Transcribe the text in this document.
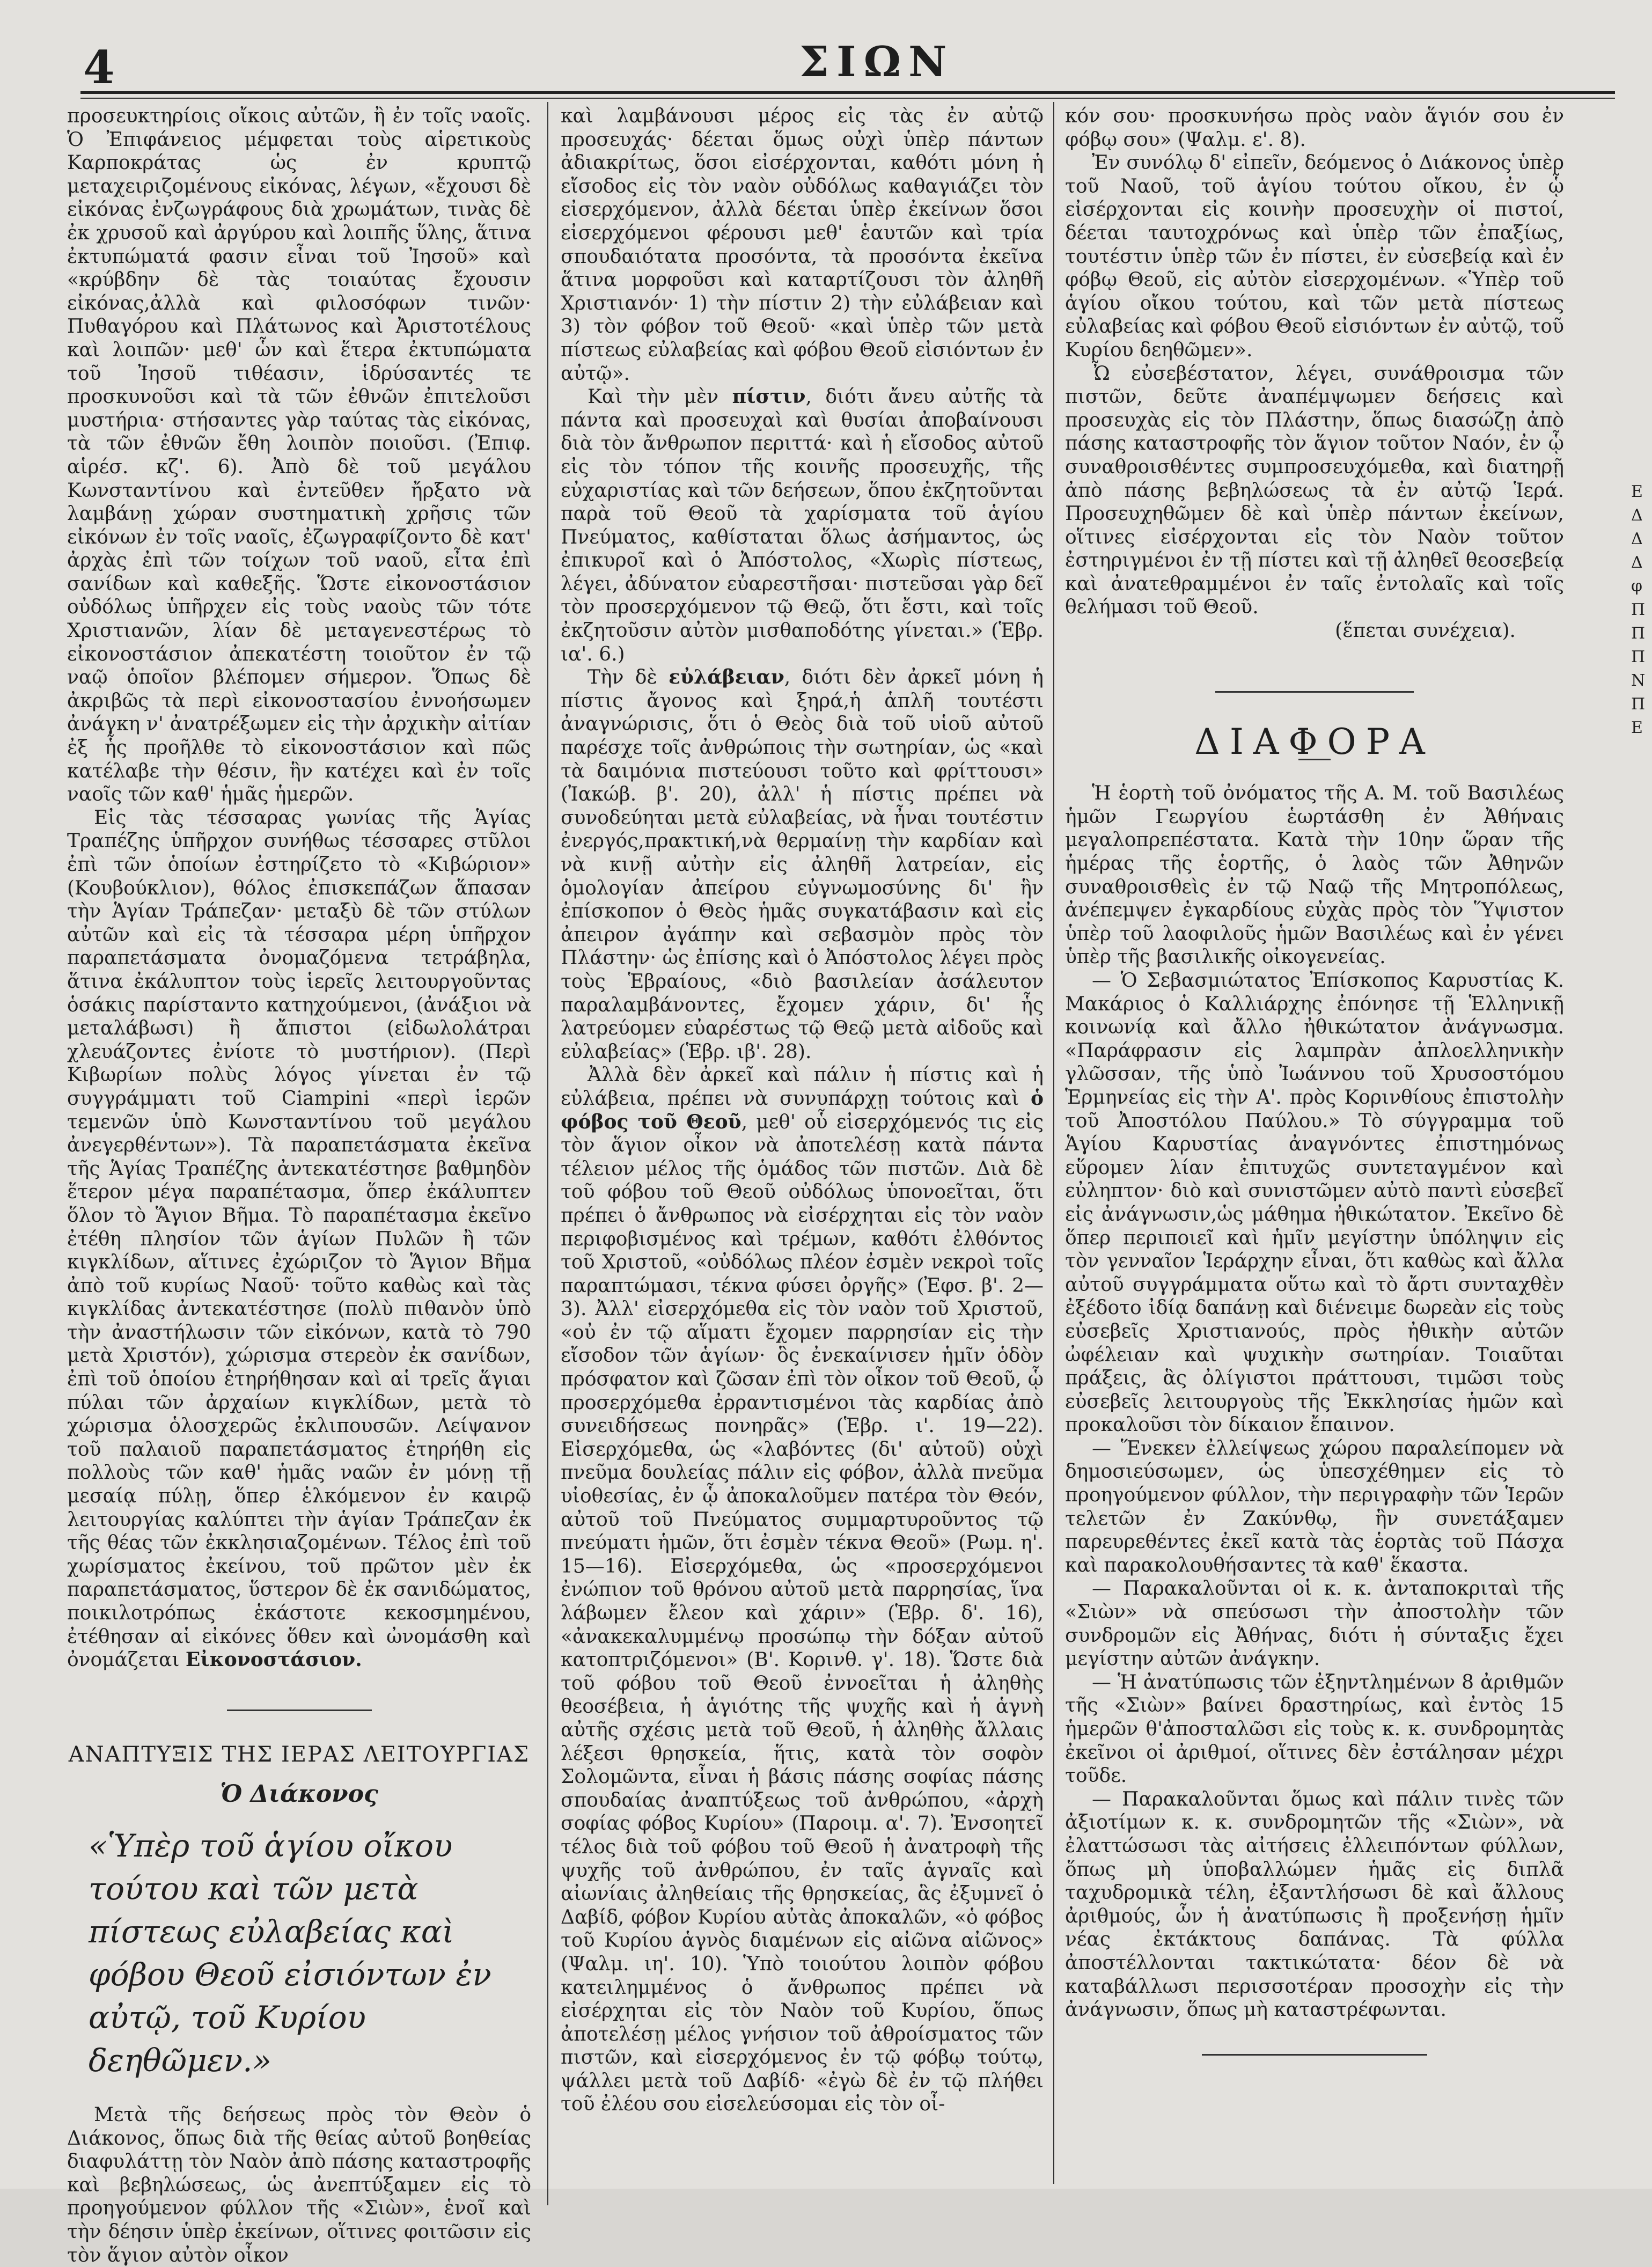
4	ΣΙΩΝ

προσευκτηρίοις οἴκοις αὐτῶν, ἢ ἐν τοῖς ναοῖς. Ὁ Ἐπιφάνειος μέμφεται τοὺς αἱρετικοὺς Καρποκράτας ὡς ἐν κρυπτῷ μεταχειριζομένους εἰκόνας, λέγων, «ἔχουσι δὲ εἰκόνας ἐνζωγράφους διὰ χρωμάτων, τινὰς δὲ ἐκ χρυσοῦ καὶ ἀργύρου καὶ λοιπῆς ὕλης, ἅτινα ἐκτυπώματά φασιν εἶναι τοῦ Ἰησοῦ» καὶ «κρύβδην δὲ τὰς τοιαύτας ἔχουσιν εἰκόνας,ἀλλὰ καὶ φιλοσόφων τινῶν· Πυθαγόρου καὶ Πλάτωνος καὶ Ἀριστοτέλους καὶ λοιπῶν· μεθ' ὧν καὶ ἕτερα ἐκτυπώματα τοῦ Ἰησοῦ τιθέασιν, ἱδρύσαντές τε προσκυνοῦσι καὶ τὰ τῶν ἐθνῶν ἐπιτελοῦσι μυστήρια· στήσαντες γὰρ ταύτας τὰς εἰκόνας, τὰ τῶν ἐθνῶν ἔθη λοιπὸν ποιοῦσι. (Ἐπιφ. αἱρέσ. κζ'. 6). Ἀπὸ δὲ τοῦ μεγάλου Κωνσταντίνου καὶ ἐντεῦθεν ἤρξατο νὰ λαμβάνῃ χώραν συστηματικὴ χρῆσις τῶν εἰκόνων ἐν τοῖς ναοῖς, ἐζωγραφίζοντο δὲ κατ' ἀρχὰς ἐπὶ τῶν τοίχων τοῦ ναοῦ, εἶτα ἐπὶ σανίδων καὶ καθεξῆς. Ὥστε εἰκονοστάσιον οὐδόλως ὑπῆρχεν εἰς τοὺς ναοὺς τῶν τότε Χριστιανῶν, λίαν δὲ μεταγενεστέρως τὸ εἰκονοστάσιον ἀπεκατέστη τοιοῦτον ἐν τῷ ναῷ ὁποῖον βλέπομεν σήμερον. Ὅπως δὲ ἀκριβῶς τὰ περὶ εἰκονοστασίου ἐννοήσωμεν ἀνάγκη ν' ἀνατρέξωμεν εἰς τὴν ἀρχικὴν αἰτίαν ἐξ ἧς προῆλθε τὸ εἰκονοστάσιον καὶ πῶς κατέλαβε τὴν θέσιν, ἣν κατέχει καὶ ἐν τοῖς ναοῖς τῶν καθ' ἡμᾶς ἡμερῶν.

Εἰς τὰς τέσσαρας γωνίας τῆς Ἁγίας Τραπέζης ὑπῆρχον συνήθως τέσσαρες στῦλοι ἐπὶ τῶν ὁποίων ἐστηρίζετο τὸ «Κιβώριον» (Κουβούκλιον), θόλος ἐπισκεπάζων ἅπασαν τὴν Ἁγίαν Τράπεζαν· μεταξὺ δὲ τῶν στύλων αὐτῶν καὶ εἰς τὰ τέσσαρα μέρη ὑπῆρχον παραπετάσματα ὀνομαζόμενα τετράβηλα, ἅτινα ἐκάλυπτον τοὺς ἱερεῖς λειτουργοῦντας ὁσάκις παρίσταντο κατηχούμενοι, (ἀνάξιοι νὰ μεταλάβωσι) ἢ ἄπιστοι (εἰδωλολάτραι χλευάζοντες ἐνίοτε τὸ μυστήριον). (Περὶ Κιβωρίων πολὺς λόγος γίνεται ἐν τῷ συγγράμματι τοῦ Ciampini «περὶ ἱερῶν τεμενῶν ὑπὸ Κωνσταντίνου τοῦ μεγάλου ἀνεγερθέντων»). Τὰ παραπετάσματα ἐκεῖνα τῆς Ἁγίας Τραπέζης ἀντεκατέστησε βαθμηδὸν ἕτερον μέγα παραπέτασμα, ὅπερ ἐκάλυπτεν ὅλον τὸ Ἅγιον Βῆμα. Τὸ παραπέτασμα ἐκεῖνο ἐτέθη πλησίον τῶν ἁγίων Πυλῶν ἢ τῶν κιγκλίδων, αἵτινες ἐχώριζον τὸ Ἅγιον Βῆμα ἀπὸ τοῦ κυρίως Ναοῦ· τοῦτο καθὼς καὶ τὰς κιγκλίδας ἀντεκατέστησε (πολὺ πιθανὸν ὑπὸ τὴν ἀναστήλωσιν τῶν εἰκόνων, κατὰ τὸ 790 μετὰ Χριστόν), χώρισμα στερεὸν ἐκ σανίδων, ἐπὶ τοῦ ὁποίου ἐτηρήθησαν καὶ αἱ τρεῖς ἅγιαι πύλαι τῶν ἀρχαίων κιγκλίδων, μετὰ τὸ χώρισμα ὁλοσχερῶς ἐκλιπουσῶν. Λείψανον τοῦ παλαιοῦ παραπετάσματος ἐτηρήθη εἰς πολλοὺς τῶν καθ' ἡμᾶς ναῶν ἐν μόνῃ τῇ μεσαίᾳ πύλῃ, ὅπερ ἑλκόμενον ἐν καιρῷ λειτουργίας καλύπτει τὴν ἁγίαν Τράπεζαν ἐκ τῆς θέας τῶν ἐκκλησιαζομένων. Τέλος ἐπὶ τοῦ χωρίσματος ἐκείνου, τοῦ πρῶτον μὲν ἐκ παραπετάσματος, ὕστερον δὲ ἐκ σανιδώματος, ποικιλοτρόπως ἑκάστοτε κεκοσμημένου, ἐτέθησαν αἱ εἰκόνες ὅθεν καὶ ὠνομάσθη καὶ ὀνομάζεται Εἰκονοστάσιον.

ΑΝΑΠΤΥΞΙΣ ΤΗΣ ΙΕΡΑΣ ΛΕΙΤΟΥΡΓΙΑΣ
Ὁ Διάκονος
«Ὑπὲρ τοῦ ἁγίου οἴκου τούτου καὶ τῶν μετὰ πίστεως εὐλαβείας καὶ φόβου Θεοῦ εἰσιόντων ἐν αὐτῷ, τοῦ Κυρίου δεηθῶμεν.»

Μετὰ τῆς δεήσεως πρὸς τὸν Θεὸν ὁ Διάκονος, ὅπως διὰ τῆς θείας αὐτοῦ βοηθείας διαφυλάττῃ τὸν Ναὸν ἀπὸ πάσης καταστροφῆς καὶ βεβηλώσεως, ὡς ἀνεπτύξαμεν εἰς τὸ προηγούμενον φύλλον τῆς «Σιὼν», ἑνοῖ καὶ τὴν δέησιν ὑπὲρ ἐκείνων, οἵτινες φοιτῶσιν εἰς τὸν ἅγιον αὐτὸν οἶκον

καὶ λαμβάνουσι μέρος εἰς τὰς ἐν αὐτῷ προσευχάς· δέεται ὅμως οὐχὶ ὑπὲρ πάντων ἀδιακρίτως, ὅσοι εἰσέρχονται, καθότι μόνη ἡ εἴσοδος εἰς τὸν ναὸν οὐδόλως καθαγιάζει τὸν εἰσερχόμενον, ἀλλὰ δέεται ὑπὲρ ἐκείνων ὅσοι εἰσερχόμενοι φέρουσι μεθ' ἑαυτῶν καὶ τρία σπουδαιότατα προσόντα, τὰ προσόντα ἐκεῖνα ἅτινα μορφοῦσι καὶ καταρτίζουσι τὸν ἀληθῆ Χριστιανόν· 1) τὴν πίστιν 2) τὴν εὐλάβειαν καὶ 3) τὸν φόβον τοῦ Θεοῦ· «καὶ ὑπὲρ τῶν μετὰ πίστεως εὐλαβείας καὶ φόβου Θεοῦ εἰσιόντων ἐν αὐτῷ».

Καὶ τὴν μὲν πίστιν, διότι ἄνευ αὐτῆς τὰ πάντα καὶ προσευχαὶ καὶ θυσίαι ἀποβαίνουσι διὰ τὸν ἄνθρωπον περιττά· καὶ ἡ εἴσοδος αὐτοῦ εἰς τὸν τόπον τῆς κοινῆς προσευχῆς, τῆς εὐχαριστίας καὶ τῶν δεήσεων, ὅπου ἐκζητοῦνται παρὰ τοῦ Θεοῦ τὰ χαρίσματα τοῦ ἁγίου Πνεύματος, καθίσταται ὅλως ἀσήμαντος, ὡς ἐπικυροῖ καὶ ὁ Ἀπόστολος, «Χωρὶς πίστεως, λέγει, ἀδύνατον εὐαρεστῆσαι· πιστεῦσαι γὰρ δεῖ τὸν προσερχόμενον τῷ Θεῷ, ὅτι ἔστι, καὶ τοῖς ἐκζητοῦσιν αὐτὸν μισθαποδότης γίνεται.» (Ἑβρ. ια'. 6.)

Τὴν δὲ εὐλάβειαν, διότι δὲν ἀρκεῖ μόνη ἡ πίστις ἄγονος καὶ ξηρά,ἡ ἁπλῆ τουτέστι ἀναγνώρισις, ὅτι ὁ Θεὸς διὰ τοῦ υἱοῦ αὐτοῦ παρέσχε τοῖς ἀνθρώποις τὴν σωτηρίαν, ὡς «καὶ τὰ δαιμόνια πιστεύουσι τοῦτο καὶ φρίττουσι» (Ἰακώβ. β'. 20), ἀλλ' ἡ πίστις πρέπει νὰ συνοδεύηται μετὰ εὐλαβείας, νὰ ἦναι τουτέστιν ἐνεργός,πρακτική,νὰ θερμαίνῃ τὴν καρδίαν καὶ νὰ κινῇ αὐτὴν εἰς ἀληθῆ λατρείαν, εἰς ὁμολογίαν ἀπείρου εὐγνωμοσύνης δι' ἣν ἐπίσκοπον ὁ Θεὸς ἡμᾶς συγκατάβασιν καὶ εἰς ἀπειρον ἀγάπην καὶ σεβασμὸν πρὸς τὸν Πλάστην· ὡς ἐπίσης καὶ ὁ Ἀπόστολος λέγει πρὸς τοὺς Ἑβραίους, «διὸ βασιλείαν ἀσάλευτον παραλαμβάνοντες, ἔχομεν χάριν, δι' ἧς λατρεύομεν εὐαρέστως τῷ Θεῷ μετὰ αἰδοῦς καὶ εὐλαβείας» (Ἑβρ. ιβ'. 28).

Ἀλλὰ δὲν ἀρκεῖ καὶ πάλιν ἡ πίστις καὶ ἡ εὐλάβεια, πρέπει νὰ συνυπάρχῃ τούτοις καὶ ὁ φόβος τοῦ Θεοῦ, μεθ' οὗ εἰσερχόμενός τις εἰς τὸν ἅγιον οἶκον νὰ ἀποτελέσῃ κατὰ πάντα τέλειον μέλος τῆς ὁμάδος τῶν πιστῶν. Διὰ δὲ τοῦ φόβου τοῦ Θεοῦ οὐδόλως ὑπονοεῖται, ὅτι πρέπει ὁ ἄνθρωπος νὰ εἰσέρχηται εἰς τὸν ναὸν περιφοβισμένος καὶ τρέμων, καθότι ἐλθόντος τοῦ Χριστοῦ, «οὐδόλως πλέον ἐσμὲν νεκροὶ τοῖς παραπτώμασι, τέκνα φύσει ὀργῆς» (Ἐφσ. β'. 2—3). Ἀλλ' εἰσερχόμεθα εἰς τὸν ναὸν τοῦ Χριστοῦ, «οὐ ἐν τῷ αἵματι ἔχομεν παρρησίαν εἰς τὴν εἴσοδον τῶν ἁγίων· ὃς ἐνεκαίνισεν ἡμῖν ὁδὸν πρόσφατον καὶ ζῶσαν ἐπὶ τὸν οἶκον τοῦ Θεοῦ, ᾧ προσερχόμεθα ἐρραντισμένοι τὰς καρδίας ἀπὸ συνειδήσεως πονηρᾶς» (Ἑβρ. ι'. 19—22). Εἰσερχόμεθα, ὡς «λαβόντες (δι' αὐτοῦ) οὐχὶ πνεῦμα δουλείας πάλιν εἰς φόβον, ἀλλὰ πνεῦμα υἱοθεσίας, ἐν ᾧ ἀποκαλοῦμεν πατέρα τὸν Θεόν, αὐτοῦ τοῦ Πνεύματος συμμαρτυροῦντος τῷ πνεύματι ἡμῶν, ὅτι ἐσμὲν τέκνα Θεοῦ» (Ρωμ. η'. 15—16). Εἰσερχόμεθα, ὡς «προσερχόμενοι ἐνώπιον τοῦ θρόνου αὐτοῦ μετὰ παρρησίας, ἵνα λάβωμεν ἔλεον καὶ χάριν» (Ἑβρ. δ'. 16), «ἀνακεκαλυμμένῳ προσώπῳ τὴν δόξαν αὐτοῦ κατοπτριζόμενοι» (Β'. Κορινθ. γ'. 18). Ὥστε διὰ τοῦ φόβου τοῦ Θεοῦ ἐννοεῖται ἡ ἀληθὴς θεοσέβεια, ἡ ἁγιότης τῆς ψυχῆς καὶ ἡ ἁγνὴ αὐτῆς σχέσις μετὰ τοῦ Θεοῦ, ἡ ἀληθὴς ἄλλαις λέξεσι θρησκεία, ἥτις, κατὰ τὸν σοφὸν Σολομῶντα, εἶναι ἡ βάσις πάσης σοφίας πάσης σπουδαίας ἀναπτύξεως τοῦ ἀνθρώπου, «ἀρχὴ σοφίας φόβος Κυρίου» (Παροιμ. α'. 7). Ἐνσοητεῖ τέλος διὰ τοῦ φόβου τοῦ Θεοῦ ἡ ἀνατροφὴ τῆς ψυχῆς τοῦ ἀνθρώπου, ἐν ταῖς ἁγναῖς καὶ αἰωνίαις ἀληθείαις τῆς θρησκείας, ἃς ἐξυμνεῖ ὁ Δαβίδ, φόβον Κυρίου αὐτὰς ἀποκαλῶν, «ὁ φόβος τοῦ Κυρίου ἁγνὸς διαμένων εἰς αἰῶνα αἰῶνος» (Ψαλμ. ιη'. 10). Ὑπὸ τοιούτου λοιπὸν φόβου κατειλημμένος ὁ ἄνθρωπος πρέπει νὰ εἰσέρχηται εἰς τὸν Ναὸν τοῦ Κυρίου, ὅπως ἀποτελέσῃ μέλος γνήσιον τοῦ ἀθροίσματος τῶν πιστῶν, καὶ εἰσερχόμενος ἐν τῷ φόβῳ τούτῳ, ψάλλει μετὰ τοῦ Δαβίδ· «ἐγὼ δὲ ἐν τῷ πλήθει τοῦ ἐλέου σου εἰσελεύσομαι εἰς τὸν οἶ-

κόν σου· προσκυνήσω πρὸς ναὸν ἅγιόν σου ἐν φόβῳ σου» (Ψαλμ. ε'. 8).

Ἐν συνόλῳ δ' εἰπεῖν, δεόμενος ὁ Διάκονος ὑπὲρ τοῦ Ναοῦ, τοῦ ἁγίου τούτου οἴκου, ἐν ᾧ εἰσέρχονται εἰς κοινὴν προσευχὴν οἱ πιστοί, δέεται ταυτοχρόνως καὶ ὑπὲρ τῶν ἐπαξίως, τουτέστιν ὑπὲρ τῶν ἐν πίστει, ἐν εὐσεβείᾳ καὶ ἐν φόβῳ Θεοῦ, εἰς αὐτὸν εἰσερχομένων. «Ὑπὲρ τοῦ ἁγίου οἴκου τούτου, καὶ τῶν μετὰ πίστεως εὐλαβείας καὶ φόβου Θεοῦ εἰσιόντων ἐν αὐτῷ, τοῦ Κυρίου δεηθῶμεν».

Ὦ εὐσεβέστατον, λέγει, συνάθροισμα τῶν πιστῶν, δεῦτε ἀναπέμψωμεν δεήσεις καὶ προσευχὰς εἰς τὸν Πλάστην, ὅπως διασώζῃ ἀπὸ πάσης καταστροφῆς τὸν ἅγιον τοῦτον Ναόν, ἐν ᾧ συναθροισθέντες συμπροσευχόμεθα, καὶ διατηρῇ ἀπὸ πάσης βεβηλώσεως τὰ ἐν αὐτῷ Ἱερά. Προσευχηθῶμεν δὲ καὶ ὑπὲρ πάντων ἐκείνων, οἵτινες εἰσέρχονται εἰς τὸν Ναὸν τοῦτον ἐστηριγμένοι ἐν τῇ πίστει καὶ τῇ ἀληθεῖ θεοσεβείᾳ καὶ ἀνατεθραμμένοι ἐν ταῖς ἐντολαῖς καὶ τοῖς θελήμασι τοῦ Θεοῦ.

(ἕπεται συνέχεια).

ΔΙΑΦΟΡΑ

Ἡ ἑορτὴ τοῦ ὀνόματος τῆς Α. Μ. τοῦ Βασιλέως ἡμῶν Γεωργίου ἑωρτάσθη ἐν Ἀθήναις μεγαλοπρεπέστατα. Κατὰ τὴν 10ην ὥραν τῆς ἡμέρας τῆς ἑορτῆς, ὁ λαὸς τῶν Ἀθηνῶν συναθροισθεὶς ἐν τῷ Ναῷ τῆς Μητροπόλεως, ἀνέπεμψεν ἐγκαρδίους εὐχὰς πρὸς τὸν Ὕψιστον ὑπὲρ τοῦ λαοφιλοῦς ἡμῶν Βασιλέως καὶ ἐν γένει ὑπὲρ τῆς βασιλικῆς οἰκογενείας.

— Ὁ Σεβασμιώτατος Ἐπίσκοπος Καρυστίας Κ. Μακάριος ὁ Καλλιάρχης ἐπόνησε τῇ Ἑλληνικῇ κοινωνίᾳ καὶ ἄλλο ἠθικώτατον ἀνάγνωσμα. «Παράφρασιν εἰς λαμπρὰν ἀπλοελληνικὴν γλῶσσαν, τῆς ὑπὸ Ἰωάννου τοῦ Χρυσοστόμου Ἑρμηνείας εἰς τὴν Α'. πρὸς Κορινθίους ἐπιστολὴν τοῦ Ἀποστόλου Παύλου.» Τὸ σύγγραμμα τοῦ Ἁγίου Καρυστίας ἀναγνόντες ἐπιστημόνως εὕρομεν λίαν ἐπιτυχῶς συντεταγμένον καὶ εὐληπτον· διὸ καὶ συνιστῶμεν αὐτὸ παντὶ εὐσεβεῖ εἰς ἀνάγνωσιν,ὡς μάθημα ἠθικώτατον. Ἐκεῖνο δὲ ὅπερ περιποιεῖ καὶ ἡμῖν μεγίστην ὑπόληψιν εἰς τὸν γενναῖον Ἱεράρχην εἶναι, ὅτι καθὼς καὶ ἄλλα αὐτοῦ συγγράμματα οὕτω καὶ τὸ ἄρτι συνταχθὲν ἐξέδοτο ἰδίᾳ δαπάνῃ καὶ διένειμε δωρεὰν εἰς τοὺς εὐσεβεῖς Χριστιανούς, πρὸς ἠθικὴν αὐτῶν ὠφέλειαν καὶ ψυχικὴν σωτηρίαν. Τοιαῦται πράξεις, ἃς ὀλίγιστοι πράττουσι, τιμῶσι τοὺς εὐσεβεῖς λειτουργοὺς τῆς Ἐκκλησίας ἡμῶν καὶ προκαλοῦσι τὸν δίκαιον ἔπαινον.

— Ἕνεκεν ἐλλείψεως χώρου παραλείπομεν νὰ δημοσιεύσωμεν, ὡς ὑπεσχέθημεν εἰς τὸ προηγούμενον φύλλον, τὴν περιγραφὴν τῶν Ἱερῶν τελετῶν ἐν Ζακύνθῳ, ἣν συνετάξαμεν παρευρεθέντες ἐκεῖ κατὰ τὰς ἑορτὰς τοῦ Πάσχα καὶ παρακολουθήσαντες τὰ καθ' ἕκαστα.

— Παρακαλοῦνται οἱ κ. κ. ἀνταποκριταὶ τῆς «Σιὼν» νὰ σπεύσωσι τὴν ἀποστολὴν τῶν συνδρομῶν εἰς Ἀθήνας, διότι ἡ σύνταξις ἔχει μεγίστην αὐτῶν ἀνάγκην.

— Ἡ ἀνατύπωσις τῶν ἐξηντλημένων 8 ἀριθμῶν τῆς «Σιὼν» βαίνει δραστηρίως, καὶ ἐντὸς 15 ἡμερῶν θ'ἀποσταλῶσι εἰς τοὺς κ. κ. συνδρομητὰς ἐκεῖνοι οἱ ἀριθμοί, οἵτινες δὲν ἐστάλησαν μέχρι τοῦδε.

— Παρακαλοῦνται ὅμως καὶ πάλιν τινὲς τῶν ἀξιοτίμων κ. κ. συνδρομητῶν τῆς «Σιὼν», νὰ ἐλαττώσωσι τὰς αἰτήσεις ἐλλειπόντων φύλλων, ὅπως μὴ ὑποβαλλώμεν ἡμᾶς εἰς διπλᾶ ταχυδρομικὰ τέλη, ἐξαντλήσωσι δὲ καὶ ἄλλους ἀριθμούς, ὧν ἡ ἀνατύπωσις ἢ προξενήσῃ ἡμῖν νέας ἐκτάκτους δαπάνας. Τὰ φύλλα ἀποστέλλονται τακτικώτατα· δέον δὲ νὰ καταβάλλωσι περισσοτέραν προσοχὴν εἰς τὴν ἀνάγνωσιν, ὅπως μὴ καταστρέφωνται.

E
Δ
Δ
Δ
φ
Π
Π
Π
Ν
Π
Ε
